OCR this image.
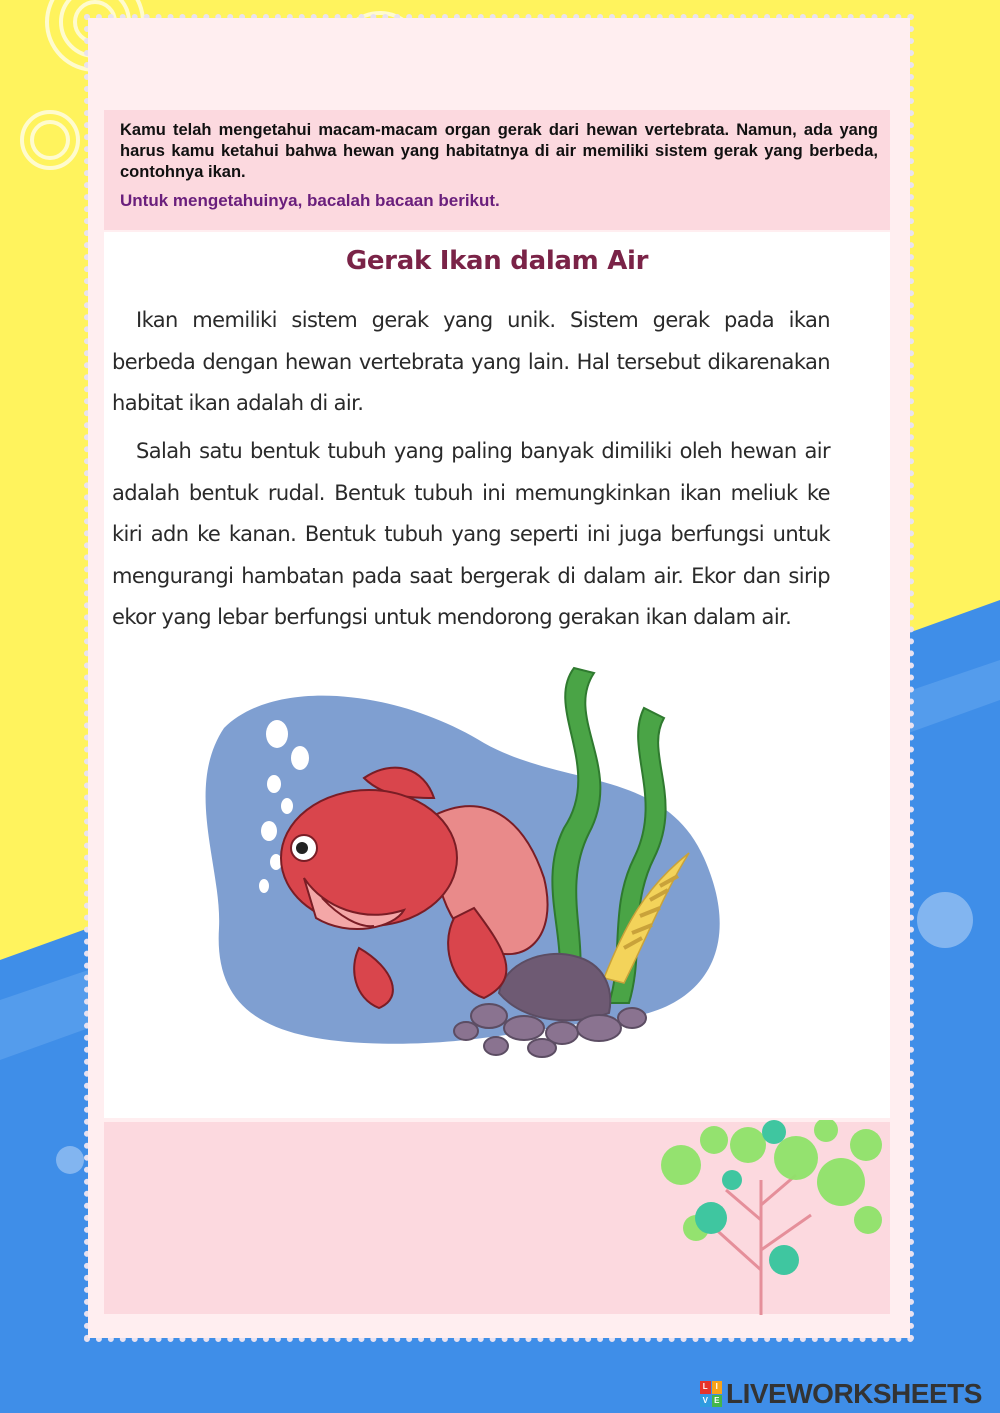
Kamu telah mengetahui macam-macam organ gerak dari hewan vertebrata. Namun, ada yang harus kamu ketahui bahwa hewan yang habitatnya di air memiliki sistem gerak yang berbeda, contohnya ikan.

Untuk mengetahuinya, bacalah bacaan berikut.

Gerak Ikan dalam Air

Ikan memiliki sistem gerak yang unik. Sistem gerak pada ikan berbeda dengan hewan vertebrata yang lain. Hal tersebut dikarenakan habitat ikan adalah di air.

Salah satu bentuk tubuh yang paling banyak dimiliki oleh hewan air adalah bentuk rudal. Bentuk tubuh ini memungkinkan ikan meliuk ke kiri adn ke kanan. Bentuk tubuh yang seperti ini juga berfungsi untuk mengurangi hambatan pada saat bergerak di dalam air. Ekor dan sirip ekor yang lebar berfungsi untuk mendorong gerakan ikan dalam air.

L I
V E LIVEWORKSHEETS
